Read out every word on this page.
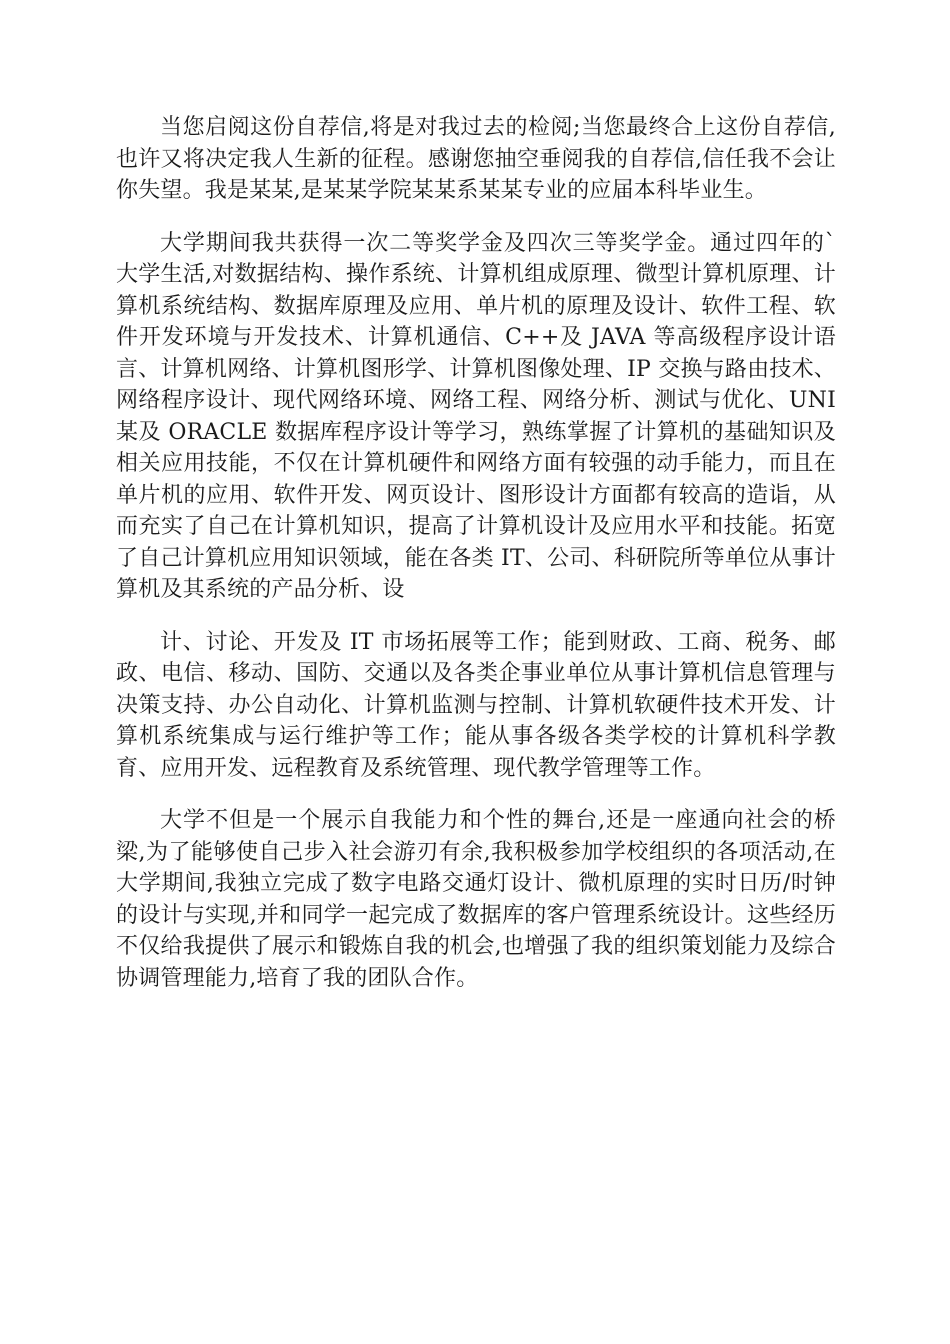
当您启阅这份自荐信,将是对我过去的检阅;当您最终合上这份自荐信,也许又将决定我人生新的征程。感谢您抽空垂阅我的自荐信,信任我不会让你失望。我是某某,是某某学院某某系某某专业的应届本科毕业生。

大学期间我共获得一次二等奖学金及四次三等奖学金。通过四年的`大学生活,对数据结构、操作系统、计算机组成原理、微型计算机原理、计算机系统结构、数据库原理及应用、单片机的原理及设计、软件工程、软件开发环境与开发技术、计算机通信、C++及 JAVA 等高级程序设计语言、计算机网络、计算机图形学、计算机图像处理、IP 交换与路由技术、网络程序设计、现代网络环境、网络工程、网络分析、测试与优化、UNI某及 ORACLE 数据库程序设计等学习，熟练掌握了计算机的基础知识及相关应用技能，不仅在计算机硬件和网络方面有较强的动手能力，而且在单片机的应用、软件开发、网页设计、图形设计方面都有较高的造诣，从而充实了自己在计算机知识，提高了计算机设计及应用水平和技能。拓宽了自己计算机应用知识领域，能在各类 IT、公司、科研院所等单位从事计算机及其系统的产品分析、设

计、讨论、开发及 IT 市场拓展等工作；能到财政、工商、税务、邮政、电信、移动、国防、交通以及各类企事业单位从事计算机信息管理与决策支持、办公自动化、计算机监测与控制、计算机软硬件技术开发、计算机系统集成与运行维护等工作；能从事各级各类学校的计算机科学教育、应用开发、远程教育及系统管理、现代教学管理等工作。

大学不但是一个展示自我能力和个性的舞台,还是一座通向社会的桥梁,为了能够使自己步入社会游刃有余,我积极参加学校组织的各项活动,在大学期间,我独立完成了数字电路交通灯设计、微机原理的实时日历/时钟的设计与实现,并和同学一起完成了数据库的客户管理系统设计。这些经历不仅给我提供了展示和锻炼自我的机会,也增强了我的组织策划能力及综合协调管理能力,培育了我的团队合作。
